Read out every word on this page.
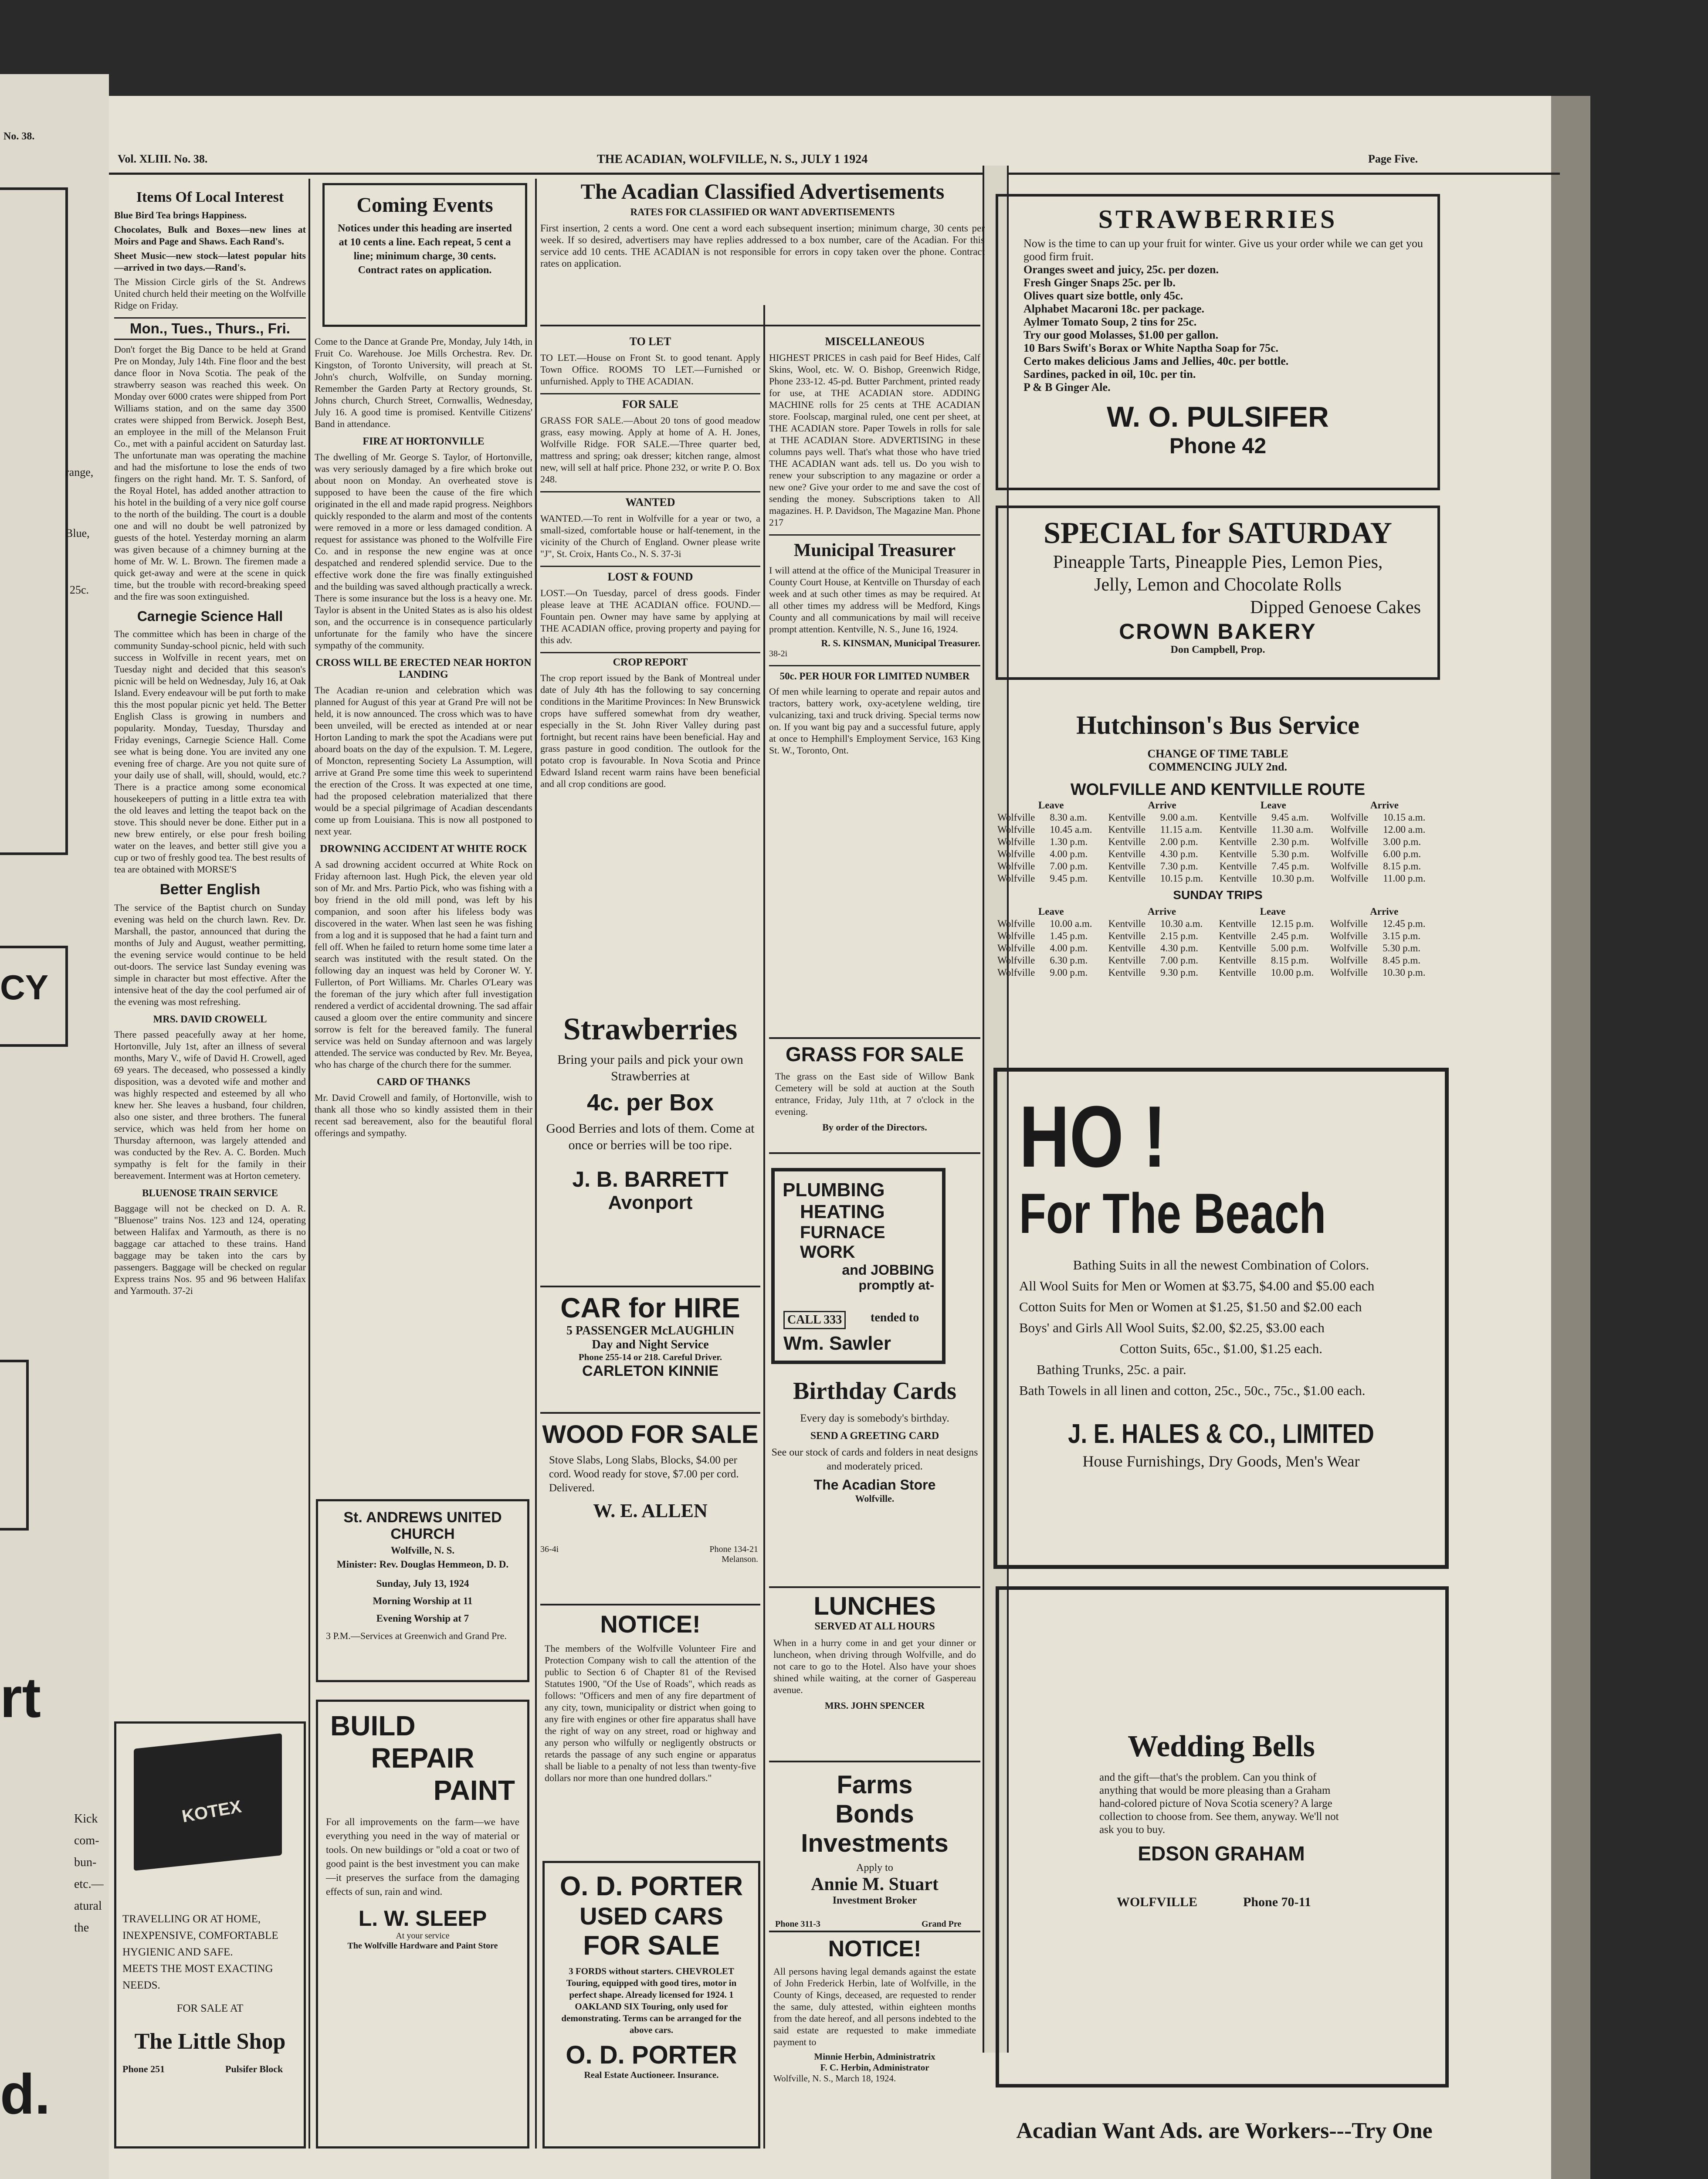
No. 38.
range,
Blue,
25c.
CY
rt
Kick
com-
bun-
etc.—
atural
the
d.
Vol. XLIII. No. 38.	THE ACADIAN, WOLFVILLE, N. S., JULY 1 1924	Page Five.
Items Of Local Interest

Blue Bird Tea brings Happiness.

Chocolates, Bulk and Boxes—new lines at Moirs and Page and Shaws. Each Rand's.

Sheet Music—new stock—latest popular hits—arrived in two days.—Rand's.

The Mission Circle girls of the St. Andrews United church held their meeting on the Wolfville Ridge on Friday.

Mon., Tues., Thurs., Fri.

Don't forget the Big Dance to be held at Grand Pre on Monday, July 14th. Fine floor and the best dance floor in Nova Scotia. The peak of the strawberry season was reached this week. On Monday over 6000 crates were shipped from Port Williams station, and on the same day 3500 crates were shipped from Berwick. Joseph Best, an employee in the mill of the Melanson Fruit Co., met with a painful accident on Saturday last. The unfortunate man was operating the machine and had the misfortune to lose the ends of two fingers on the right hand. Mr. T. S. Sanford, of the Royal Hotel, has added another attraction to his hotel in the building of a very nice golf course to the north of the building. The court is a double one and will no doubt be well patronized by guests of the hotel. Yesterday morning an alarm was given because of a chimney burning at the home of Mr. W. L. Brown. The firemen made a quick get-away and were at the scene in quick time, but the trouble with record-breaking speed and the fire was soon extinguished.

Carnegie Science Hall

The committee which has been in charge of the community Sunday-school picnic, held with such success in Wolfville in recent years, met on Tuesday night and decided that this season's picnic will be held on Wednesday, July 16, at Oak Island. Every endeavour will be put forth to make this the most popular picnic yet held. The Better English Class is growing in numbers and popularity. Monday, Tuesday, Thursday and Friday evenings, Carnegie Science Hall. Come see what is being done. You are invited any one evening free of charge. Are you not quite sure of your daily use of shall, will, should, would, etc.? There is a practice among some economical housekeepers of putting in a little extra tea with the old leaves and letting the teapot back on the stove. This should never be done. Either put in a new brew entirely, or else pour fresh boiling water on the leaves, and better still give you a cup or two of freshly good tea. The best results of tea are obtained with MORSE'S

Better English

The service of the Baptist church on Sunday evening was held on the church lawn. Rev. Dr. Marshall, the pastor, announced that during the months of July and August, weather permitting, the evening service would continue to be held out-doors. The service last Sunday evening was simple in character but most effective. After the intensive heat of the day the cool perfumed air of the evening was most refreshing.

MRS. DAVID CROWELL

There passed peacefully away at her home, Hortonville, July 1st, after an illness of several months, Mary V., wife of David H. Crowell, aged 69 years. The deceased, who possessed a kindly disposition, was a devoted wife and mother and was highly respected and esteemed by all who knew her. She leaves a husband, four children, also one sister, and three brothers. The funeral service, which was held from her home on Thursday afternoon, was largely attended and was conducted by the Rev. A. C. Borden. Much sympathy is felt for the family in their bereavement. Interment was at Horton cemetery.

BLUENOSE TRAIN SERVICE

Baggage will not be checked on D. A. R. "Bluenose" trains Nos. 123 and 124, operating between Halifax and Yarmouth, as there is no baggage car attached to these trains. Hand baggage may be taken into the cars by passengers. Baggage will be checked on regular Express trains Nos. 95 and 96 between Halifax and Yarmouth. 37-2i

KOTEX
TRAVELLING OR AT HOME,
INEXPENSIVE, COMFORTABLE
HYGIENIC AND SAFE.
MEETS THE MOST EXACTING NEEDS.
FOR SALE AT
The Little Shop
Phone 251	Pulsifer Block
Coming Events
Notices under this heading are inserted at 10 cents a line. Each repeat, 5 cent a line; minimum charge, 30 cents. Contract rates on application.

Come to the Dance at Grande Pre, Monday, July 14th, in Fruit Co. Warehouse. Joe Mills Orchestra. Rev. Dr. Kingston, of Toronto University, will preach at St. John's church, Wolfville, on Sunday morning. Remember the Garden Party at Rectory grounds, St. Johns church, Church Street, Cornwallis, Wednesday, July 16. A good time is promised. Kentville Citizens' Band in attendance.

FIRE AT HORTONVILLE

The dwelling of Mr. George S. Taylor, of Hortonville, was very seriously damaged by a fire which broke out about noon on Monday. An overheated stove is supposed to have been the cause of the fire which originated in the ell and made rapid progress. Neighbors quickly responded to the alarm and most of the contents were removed in a more or less damaged condition. A request for assistance was phoned to the Wolfville Fire Co. and in response the new engine was at once despatched and rendered splendid service. Due to the effective work done the fire was finally extinguished and the building was saved although practically a wreck. There is some insurance but the loss is a heavy one. Mr. Taylor is absent in the United States as is also his oldest son, and the occurrence is in consequence particularly unfortunate for the family who have the sincere sympathy of the community.

CROSS WILL BE ERECTED NEAR HORTON LANDING

The Acadian re-union and celebration which was planned for August of this year at Grand Pre will not be held, it is now announced. The cross which was to have been unveiled, will be erected as intended at or near Horton Landing to mark the spot the Acadians were put aboard boats on the day of the expulsion. T. M. Legere, of Moncton, representing Society La Assumption, will arrive at Grand Pre some time this week to superintend the erection of the Cross. It was expected at one time, had the proposed celebration materialized that there would be a special pilgrimage of Acadian descendants come up from Louisiana. This is now all postponed to next year.

DROWNING ACCIDENT AT WHITE ROCK

A sad drowning accident occurred at White Rock on Friday afternoon last. Hugh Pick, the eleven year old son of Mr. and Mrs. Partio Pick, who was fishing with a boy friend in the old mill pond, was left by his companion, and soon after his lifeless body was discovered in the water. When last seen he was fishing from a log and it is supposed that he had a faint turn and fell off. When he failed to return home some time later a search was instituted with the result stated. On the following day an inquest was held by Coroner W. Y. Fullerton, of Port Williams. Mr. Charles O'Leary was the foreman of the jury which after full investigation rendered a verdict of accidental drowning. The sad affair caused a gloom over the entire community and sincere sorrow is felt for the bereaved family. The funeral service was held on Sunday afternoon and was largely attended. The service was conducted by Rev. Mr. Beyea, who has charge of the church there for the summer.

CARD OF THANKS

Mr. David Crowell and family, of Hortonville, wish to thank all those who so kindly assisted them in their recent sad bereavement, also for the beautiful floral offerings and sympathy.

St. ANDREWS UNITED CHURCH
Wolfville, N. S.
Minister: Rev. Douglas Hemmeon, D. D.
Sunday, July 13, 1924
Morning Worship at 11
Evening Worship at 7
3 P.M.—Services at Greenwich and Grand Pre.
BUILD
REPAIR
PAINT

For all improvements on the farm—we have everything you need in the way of material or tools. On new buildings or "old a coat or two of good paint is the best investment you can make—it preserves the surface from the damaging effects of sun, rain and wind.

L. W. SLEEP
At your service
The Wolfville Hardware and Paint Store
The Acadian Classified Advertisements
RATES FOR CLASSIFIED OR WANT ADVERTISEMENTS

First insertion, 2 cents a word. One cent a word each subsequent insertion; minimum charge, 30 cents per week. If so desired, advertisers may have replies addressed to a box number, care of the Acadian. For this service add 10 cents. THE ACADIAN is not responsible for errors in copy taken over the phone. Contract rates on application.

TO LET

TO LET.—House on Front St. to good tenant. Apply Town Office. ROOMS TO LET.—Furnished or unfurnished. Apply to THE ACADIAN.

FOR SALE

GRASS FOR SALE.—About 20 tons of good meadow grass, easy mowing. Apply at home of A. H. Jones, Wolfville Ridge. FOR SALE.—Three quarter bed, mattress and spring; oak dresser; kitchen range, almost new, will sell at half price. Phone 232, or write P. O. Box 248.

WANTED

WANTED.—To rent in Wolfville for a year or two, a small-sized, comfortable house or half-tenement, in the vicinity of the Church of England. Owner please write "J", St. Croix, Hants Co., N. S. 37-3i

LOST & FOUND

LOST.—On Tuesday, parcel of dress goods. Finder please leave at THE ACADIAN office. FOUND.—Fountain pen. Owner may have same by applying at THE ACADIAN office, proving property and paying for this adv.

CROP REPORT

The crop report issued by the Bank of Montreal under date of July 4th has the following to say concerning conditions in the Maritime Provinces: In New Brunswick crops have suffered somewhat from dry weather, especially in the St. John River Valley during past fortnight, but recent rains have been beneficial. Hay and grass pasture in good condition. The outlook for the potato crop is favourable. In Nova Scotia and Prince Edward Island recent warm rains have been beneficial and all crop conditions are good.

Strawberries
Bring your pails and pick your own Strawberries at
4c. per Box
Good Berries and lots of them. Come at once or berries will be too ripe.
J. B. BARRETT
Avonport
CAR for HIRE
5 PASSENGER McLAUGHLIN
Day and Night Service
Phone 255-14 or 218. Careful Driver.
CARLETON KINNIE
WOOD FOR SALE
Stove Slabs, Long Slabs, Blocks, $4.00 per cord. Wood ready for stove, $7.00 per cord. Delivered.
W. E. ALLEN
36-4i	Phone 134-21 Melanson.
NOTICE!

The members of the Wolfville Volunteer Fire and Protection Company wish to call the attention of the public to Section 6 of Chapter 81 of the Revised Statutes 1900, "Of the Use of Roads", which reads as follows: "Officers and men of any fire department of any city, town, municipality or district when going to any fire with engines or other fire apparatus shall have the right of way on any street, road or highway and any person who wilfully or negligently obstructs or retards the passage of any such engine or apparatus shall be liable to a penalty of not less than twenty-five dollars nor more than one hundred dollars."

O. D. PORTER
USED CARS
FOR SALE
3 FORDS without starters. CHEVROLET Touring, equipped with good tires, motor in perfect shape. Already licensed for 1924. 1 OAKLAND SIX Touring, only used for demonstrating. Terms can be arranged for the above cars.
O. D. PORTER
Real Estate Auctioneer. Insurance.
MISCELLANEOUS

HIGHEST PRICES in cash paid for Beef Hides, Calf Skins, Wool, etc. W. O. Bishop, Greenwich Ridge, Phone 233-12. 45-pd. Butter Parchment, printed ready for use, at THE ACADIAN store. ADDING MACHINE rolls for 25 cents at THE ACADIAN store. Foolscap, marginal ruled, one cent per sheet, at THE ACADIAN store. Paper Towels in rolls for sale at THE ACADIAN Store. ADVERTISING in these columns pays well. That's what those who have tried THE ACADIAN want ads. tell us. Do you wish to renew your subscription to any magazine or order a new one? Give your order to me and save the cost of sending the money. Subscriptions taken to All magazines. H. P. Davidson, The Magazine Man. Phone 217

Municipal Treasurer

I will attend at the office of the Municipal Treasurer in County Court House, at Kentville on Thursday of each week and at such other times as may be required. At all other times my address will be Medford, Kings County and all communications by mail will receive prompt attention. Kentville, N. S., June 16, 1924.

R. S. KINSMAN, Municipal Treasurer.
38-2i
50c. PER HOUR FOR LIMITED NUMBER

Of men while learning to operate and repair autos and tractors, battery work, oxy-acetylene welding, tire vulcanizing, taxi and truck driving. Special terms now on. If you want big pay and a successful future, apply at once to Hemphill's Employment Service, 163 King St. W., Toronto, Ont.

GRASS FOR SALE

The grass on the East side of Willow Bank Cemetery will be sold at auction at the South entrance, Friday, July 11th, at 7 o'clock in the evening.

By order of the Directors.
PLUMBING
HEATING
FURNACE WORK
and JOBBING
promptly at-
CALL 333	tended to
Wm. Sawler
Birthday Cards
Every day is somebody's birthday.
SEND A GREETING CARD
See our stock of cards and folders in neat designs and moderately priced.
The Acadian Store
Wolfville.
LUNCHES
SERVED AT ALL HOURS

When in a hurry come in and get your dinner or luncheon, when driving through Wolfville, and do not care to go to the Hotel. Also have your shoes shined while waiting, at the corner of Gaspereau avenue.

MRS. JOHN SPENCER
Farms
Bonds
Investments
Apply to
Annie M. Stuart
Investment Broker
Phone 311-3	Grand Pre
NOTICE!

All persons having legal demands against the estate of John Frederick Herbin, late of Wolfville, in the County of Kings, deceased, are requested to render the same, duly attested, within eighteen months from the date hereof, and all persons indebted to the said estate are requested to make immediate payment to

Minnie Herbin, Administratrix
F. C. Herbin, Administrator
Wolfville, N. S., March 18, 1924.
STRAWBERRIES
Now is the time to can up your fruit for winter. Give us your order while we can get you good firm fruit.
Oranges sweet and juicy, 25c. per dozen.
Fresh Ginger Snaps 25c. per lb.
Olives quart size bottle, only 45c.
Alphabet Macaroni 18c. per package.
Aylmer Tomato Soup, 2 tins for 25c.
Try our good Molasses, $1.00 per gallon.
10 Bars Swift's Borax or White Naptha Soap for 75c.
Certo makes delicious Jams and Jellies, 40c. per bottle.
Sardines, packed in oil, 10c. per tin.
P & B Ginger Ale.
W. O. PULSIFER
Phone 42
SPECIAL for SATURDAY
Pineapple Tarts, Pineapple Pies, Lemon Pies,
Jelly, Lemon and Chocolate Rolls
Dipped Genoese Cakes
CROWN BAKERY
Don Campbell, Prop.
Hutchinson's Bus Service
CHANGE OF TIME TABLE
COMMENCING JULY 2nd.
WOLFVILLE AND KENTVILLE ROUTE
Leave		Arrive		Leave		Arrive	
Wolfville	8.30 a.m.	Kentville	9.00 a.m.	Kentville	9.45 a.m.	Wolfville	10.15 a.m.
Wolfville	10.45 a.m.	Kentville	11.15 a.m.	Kentville	11.30 a.m.	Wolfville	12.00 a.m.
Wolfville	1.30 p.m.	Kentville	2.00 p.m.	Kentville	2.30 p.m.	Wolfville	3.00 p.m.
Wolfville	4.00 p.m.	Kentville	4.30 p.m.	Kentville	5.30 p.m.	Wolfville	6.00 p.m.
Wolfville	7.00 p.m.	Kentville	7.30 p.m.	Kentville	7.45 p.m.	Wolfville	8.15 p.m.
Wolfville	9.45 p.m.	Kentville	10.15 p.m.	Kentville	10.30 p.m.	Wolfville	11.00 p.m.
SUNDAY TRIPS
Leave		Arrive		Leave		Arrive	
Wolfville	10.00 a.m.	Kentville	10.30 a.m.	Kentville	12.15 p.m.	Wolfville	12.45 p.m.
Wolfville	1.45 p.m.	Kentville	2.15 p.m.	Kentville	2.45 p.m.	Wolfville	3.15 p.m.
Wolfville	4.00 p.m.	Kentville	4.30 p.m.	Kentville	5.00 p.m.	Wolfville	5.30 p.m.
Wolfville	6.30 p.m.	Kentville	7.00 p.m.	Kentville	8.15 p.m.	Wolfville	8.45 p.m.
Wolfville	9.00 p.m.	Kentville	9.30 p.m.	Kentville	10.00 p.m.	Wolfville	10.30 p.m.
HO !
For The Beach
Bathing Suits in all the newest Combination of Colors.
All Wool Suits for Men or Women at $3.75, $4.00 and $5.00 each
Cotton Suits for Men or Women at $1.25, $1.50 and $2.00 each
Boys' and Girls All Wool Suits, $2.00, $2.25, $3.00 each
Cotton Suits, 65c., $1.00, $1.25 each.
Bathing Trunks, 25c. a pair.
Bath Towels in all linen and cotton, 25c., 50c., 75c., $1.00 each.
J. E. HALES & CO., LIMITED
House Furnishings, Dry Goods, Men's Wear
Wedding Bells
and the gift—that's the problem. Can you think of anything that would be more pleasing than a Graham hand-colored picture of Nova Scotia scenery? A large collection to choose from. See them, anyway. We'll not ask you to buy.
EDSON GRAHAM
WOLFVILLE	Phone 70-11
Acadian Want Ads. are Workers---Try One
